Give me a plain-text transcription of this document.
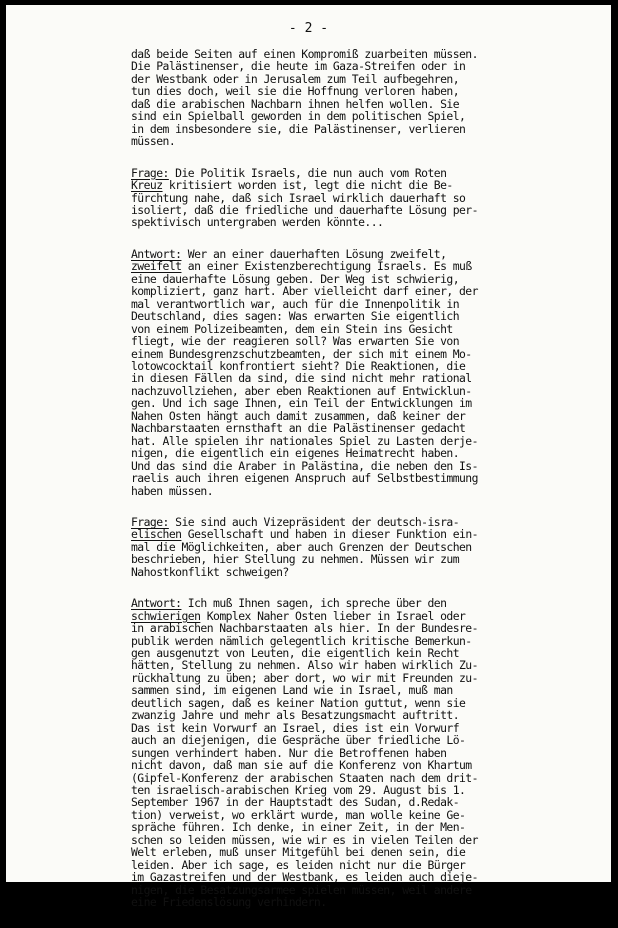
- 2 -
daß beide Seiten auf einen Kompromiß zuarbeiten müssen.
Die Palästinenser, die heute im Gaza-Streifen oder in
der Westbank oder in Jerusalem zum Teil aufbegehren,
tun dies doch, weil sie die Hoffnung verloren haben,
daß die arabischen Nachbarn ihnen helfen wollen. Sie
sind ein Spielball geworden in dem politischen Spiel,
in dem insbesondere sie, die Palästinenser, verlieren
müssen.
Frage: Die Politik Israels, die nun auch vom Roten
Kreuz kritisiert worden ist, legt die nicht die Be-
fürchtung nahe, daß sich Israel wirklich dauerhaft so
isoliert, daß die friedliche und dauerhafte Lösung per-
spektivisch untergraben werden könnte...
Antwort: Wer an einer dauerhaften Lösung zweifelt,
zweifelt an einer Existenzberechtigung Israels. Es muß
eine dauerhafte Lösung geben. Der Weg ist schwierig,
kompliziert, ganz hart. Aber vielleicht darf einer, der
mal verantwortlich war, auch für die Innenpolitik in
Deutschland, dies sagen: Was erwarten Sie eigentlich
von einem Polizeibeamten, dem ein Stein ins Gesicht
fliegt, wie der reagieren soll? Was erwarten Sie von
einem Bundesgrenzschutzbeamten, der sich mit einem Mo-
lotowcocktail konfrontiert sieht? Die Reaktionen, die
in diesen Fällen da sind, die sind nicht mehr rational
nachzuvollziehen, aber eben Reaktionen auf Entwicklun-
gen. Und ich sage Ihnen, ein Teil der Entwicklungen im
Nahen Osten hängt auch damit zusammen, daß keiner der
Nachbarstaaten ernsthaft an die Palästinenser gedacht
hat. Alle spielen ihr nationales Spiel zu Lasten derje-
nigen, die eigentlich ein eigenes Heimatrecht haben.
Und das sind die Araber in Palästina, die neben den Is-
raelis auch ihren eigenen Anspruch auf Selbstbestimmung
haben müssen.
Frage: Sie sind auch Vizepräsident der deutsch-isra-
elischen Gesellschaft und haben in dieser Funktion ein-
mal die Möglichkeiten, aber auch Grenzen der Deutschen
beschrieben, hier Stellung zu nehmen. Müssen wir zum
Nahostkonflikt schweigen?
Antwort: Ich muß Ihnen sagen, ich spreche über den
schwierigen Komplex Naher Osten lieber in Israel oder
in arabischen Nachbarstaaten als hier. In der Bundesre-
publik werden nämlich gelegentlich kritische Bemerkun-
gen ausgenutzt von Leuten, die eigentlich kein Recht
hätten, Stellung zu nehmen. Also wir haben wirklich Zu-
rückhaltung zu üben; aber dort, wo wir mit Freunden zu-
sammen sind, im eigenen Land wie in Israel, muß man
deutlich sagen, daß es keiner Nation guttut, wenn sie
zwanzig Jahre und mehr als Besatzungsmacht auftritt.
Das ist kein Vorwurf an Israel, dies ist ein Vorwurf
auch an diejenigen, die Gespräche über friedliche Lö-
sungen verhindert haben. Nur die Betroffenen haben
nicht davon, daß man sie auf die Konferenz von Khartum
(Gipfel-Konferenz der arabischen Staaten nach dem drit-
ten israelisch-arabischen Krieg vom 29. August bis 1.
September 1967 in der Hauptstadt des Sudan, d.Redak-
tion) verweist, wo erklärt wurde, man wolle keine Ge-
spräche führen. Ich denke, in einer Zeit, in der Men-
schen so leiden müssen, wie wir es in vielen Teilen der
Welt erleben, muß unser Mitgefühl bei denen sein, die
leiden. Aber ich sage, es leiden nicht nur die Bürger
im Gazastreifen und der Westbank, es leiden auch dieje-
nigen, die Besatzungsarmee spielen müssen, weil andere
eine Friedenslösung verhindern.
